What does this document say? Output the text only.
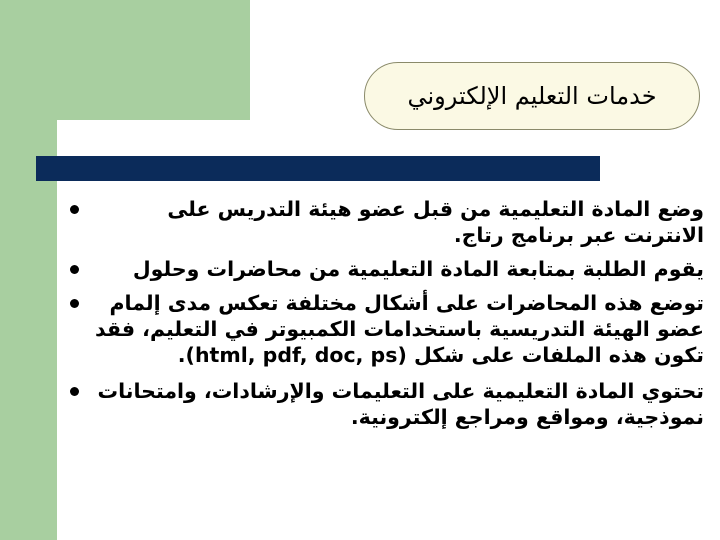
خدمات التعليم الإلكتروني

وضع المادة التعليمية من قبل عضو هيئة التدريس على

الانترنت عبر برنامج رتاج.

يقوم الطلبة بمتابعة المادة التعليمية من محاضرات وحلول

توضع هذه المحاضرات على أشكال مختلفة تعكس مدى إلمام

عضو الهيئة التدريسية باستخدامات الكمبيوتر في التعليم، فقد

تكون هذه الملفات على شكل (html, pdf, doc, ps).

تحتوي المادة التعليمية على التعليمات والإرشادات، وامتحانات

نموذجية، ومواقع ومراجع إلكترونية.
